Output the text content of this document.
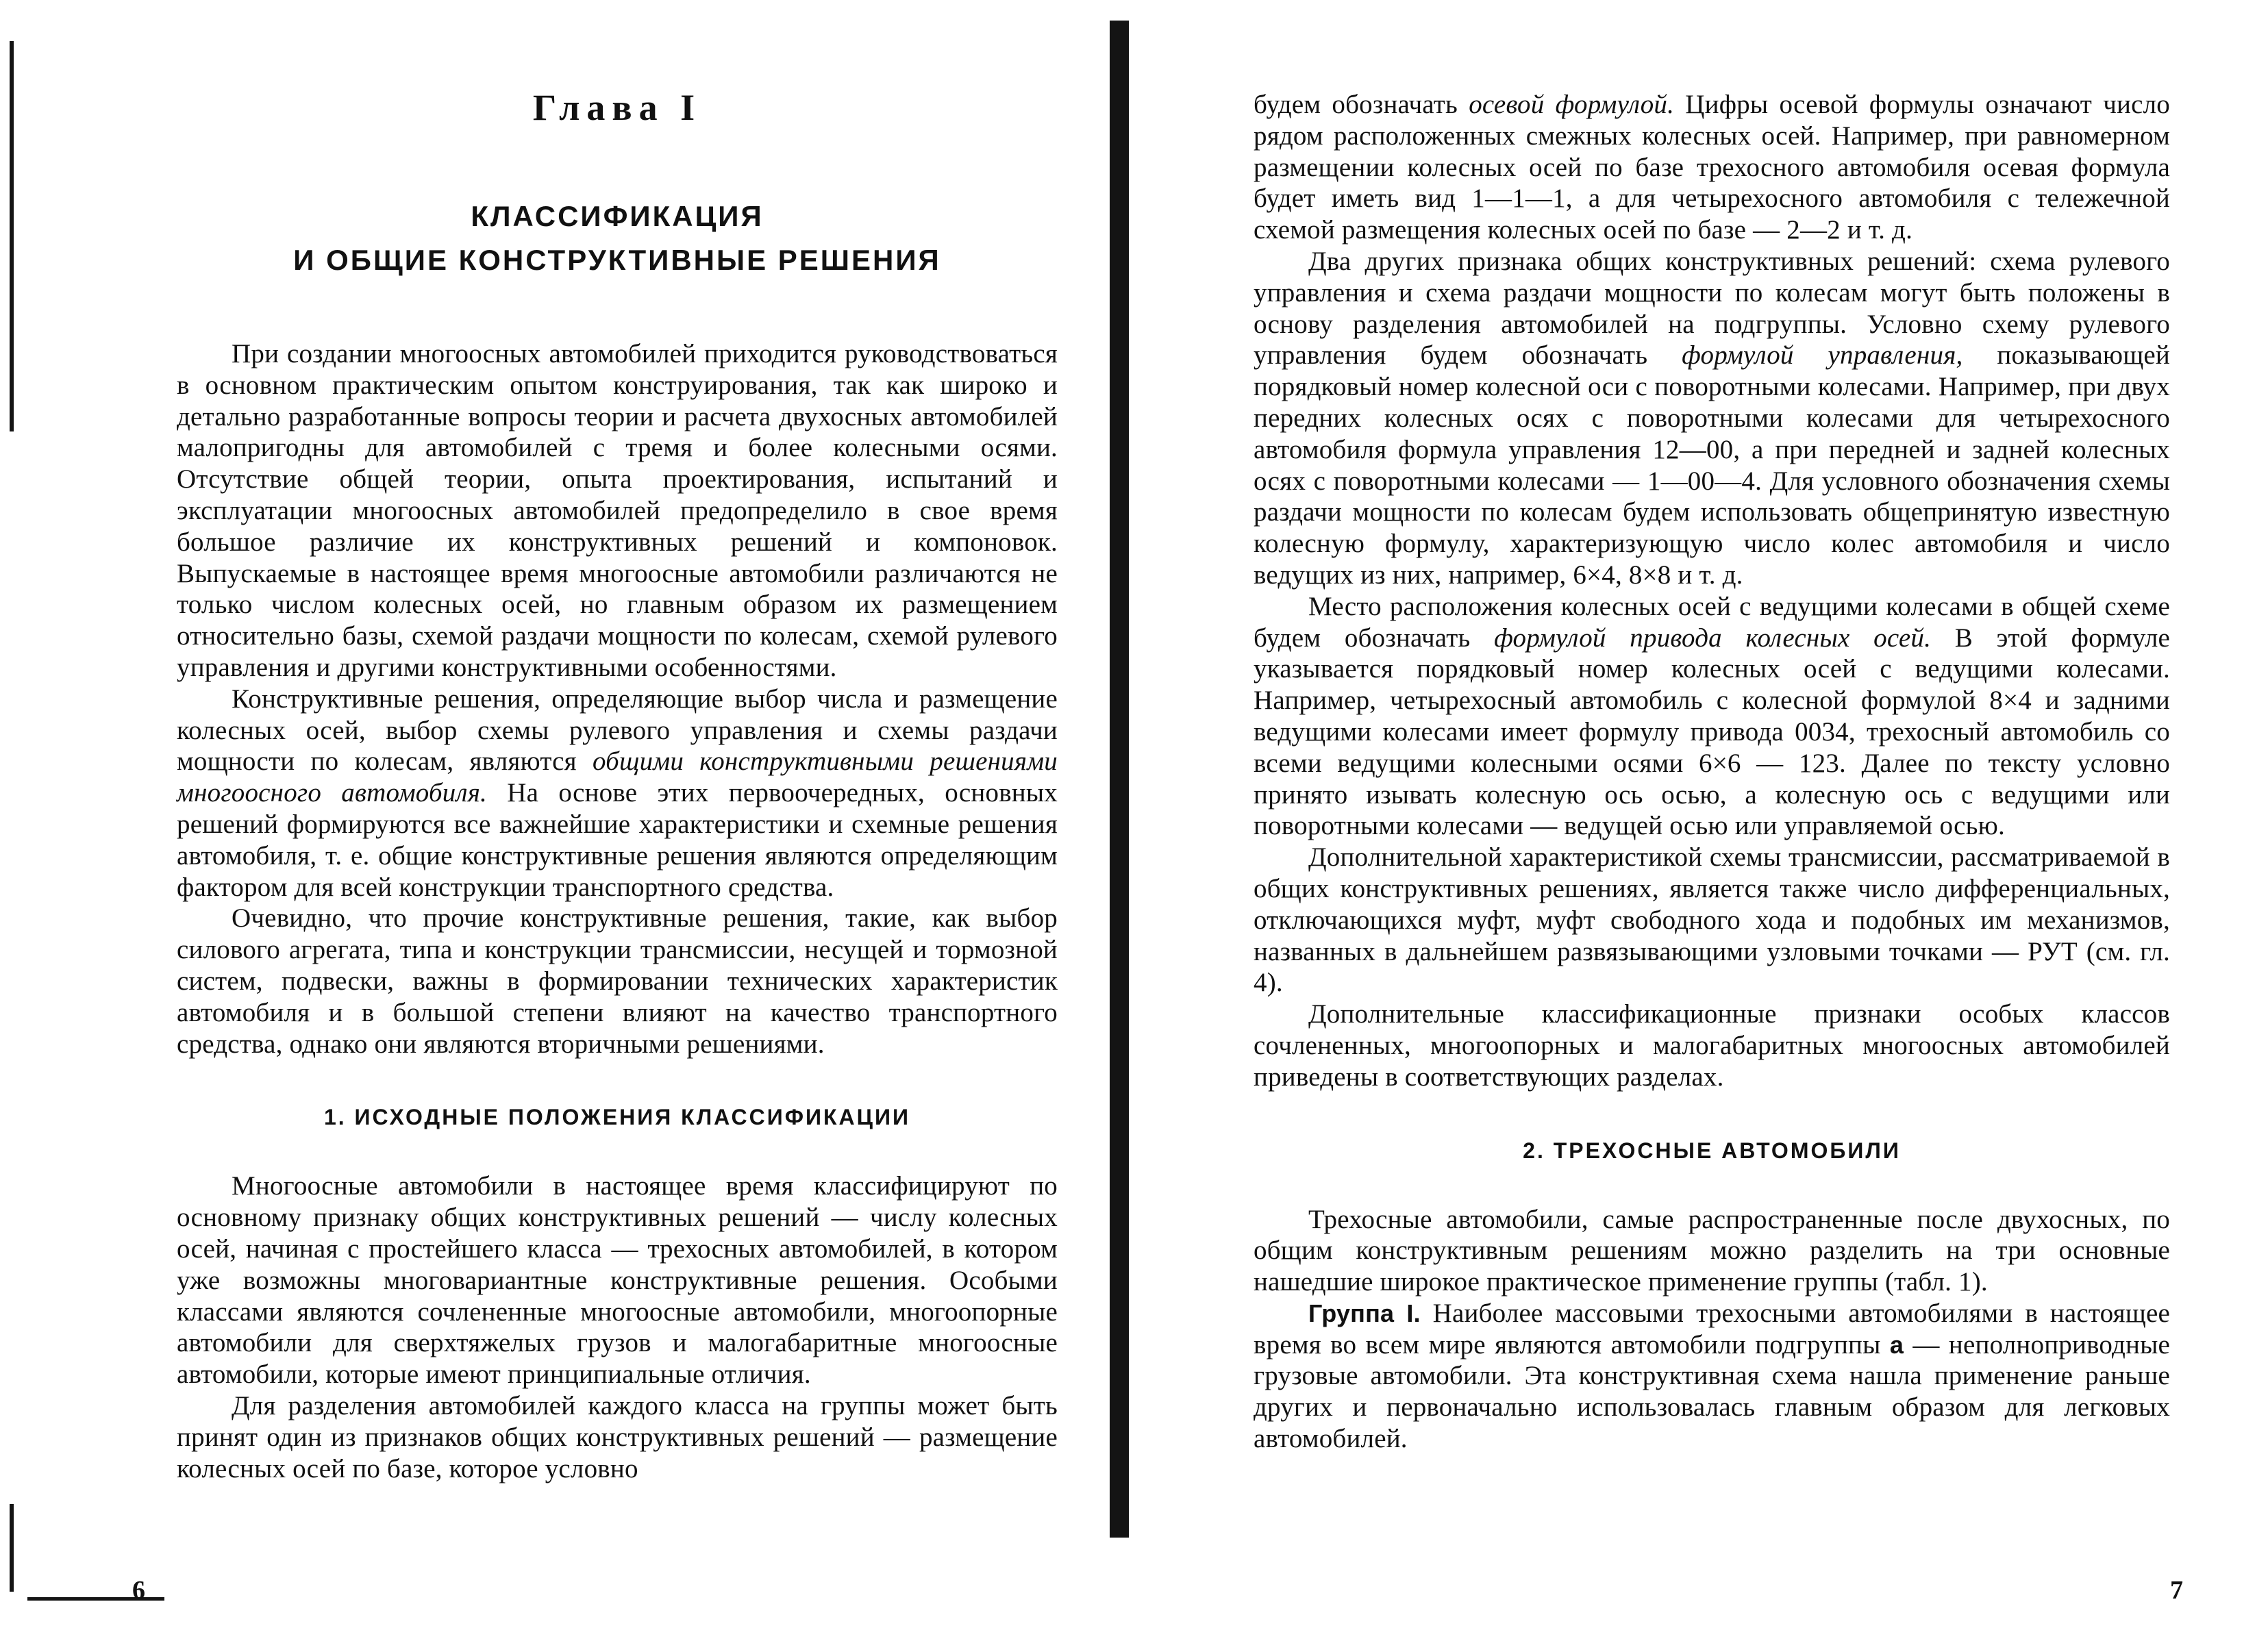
Глава I
КЛАССИФИКАЦИЯ
И ОБЩИЕ КОНСТРУКТИВНЫЕ РЕШЕНИЯ

При создании многоосных автомобилей приходится руководствоваться в основном практическим опытом конструирования, так как широко и детально разработанные вопросы теории и расчета двухосных автомобилей малопригодны для автомобилей с тремя и более колесными осями. Отсутствие общей теории, опыта проектирования, испытаний и эксплуатации многоосных автомобилей предопределило в свое время большое различие их конструктивных решений и компоновок. Выпускаемые в настоящее время многоосные автомобили различаются не только числом колесных осей, но главным образом их размещением относительно базы, схемой раздачи мощности по колесам, схемой рулевого управления и другими конструктивными особенностями.

Конструктивные решения, определяющие выбор числа и размещение колесных осей, выбор схемы рулевого управления и схемы раздачи мощности по колесам, являются общими конструктивными решениями многоосного автомобиля. На основе этих первоочередных, основных решений формируются все важнейшие характеристики и схемные решения автомобиля, т. е. общие конструктивные решения являются определяющим фактором для всей конструкции транспортного средства.

Очевидно, что прочие конструктивные решения, такие, как выбор силового агрегата, типа и конструкции трансмиссии, несущей и тормозной систем, подвески, важны в формировании технических характеристик автомобиля и в большой степени влияют на качество транспортного средства, однако они являются вторичными решениями.

1. ИСХОДНЫЕ ПОЛОЖЕНИЯ КЛАССИФИКАЦИИ

Многоосные автомобили в настоящее время классифицируют по основному признаку общих конструктивных решений — числу колесных осей, начиная с простейшего класса — трехосных автомобилей, в котором уже возможны многовариантные конструктивные решения. Особыми классами являются сочлененные многоосные автомобили, многоопорные автомобили для сверхтяжелых грузов и малогабаритные многоосные автомобили, которые имеют принципиальные отличия.

Для разделения автомобилей каждого класса на группы может быть принят один из признаков общих конструктивных решений — размещение колесных осей по базе, которое условно

6

будем обозначать осевой формулой. Цифры осевой формулы означают число рядом расположенных смежных колесных осей. Например, при равномерном размещении колесных осей по базе трехосного автомобиля осевая формула будет иметь вид 1—1—1, а для четырехосного автомобиля с тележечной схемой размещения колесных осей по базе — 2—2 и т. д.

Два других признака общих конструктивных решений: схема рулевого управления и схема раздачи мощности по колесам могут быть положены в основу разделения автомобилей на подгруппы. Условно схему рулевого управления будем обозначать формулой управления, показывающей порядковый номер колесной оси с поворотными колесами. Например, при двух передних колесных осях с поворотными колесами для четырехосного автомобиля формула управления 12—00, а при передней и задней колесных осях с поворотными колесами — 1—00—4. Для условного обозначения схемы раздачи мощности по колесам будем использовать общепринятую известную колесную формулу, характеризующую число колес автомобиля и число ведущих из них, например, 6×4, 8×8 и т. д.

Место расположения колесных осей с ведущими колесами в общей схеме будем обозначать формулой привода колесных осей. В этой формуле указывается порядковый номер колесных осей с ведущими колесами. Например, четырехосный автомобиль с колесной формулой 8×4 и задними ведущими колесами имеет формулу привода 0034, трехосный автомобиль со всеми ведущими колесными осями 6×6 — 123. Далее по тексту условно принято изывать колесную ось осью, а колесную ось с ведущими или поворотными колесами — ведущей осью или управляемой осью.

Дополнительной характеристикой схемы трансмиссии, рассматриваемой в общих конструктивных решениях, является также число дифференциальных, отключающихся муфт, муфт свободного хода и подобных им механизмов, названных в дальнейшем развязывающими узловыми точками — РУТ (см. гл. 4).

Дополнительные классификационные признаки особых классов сочлененных, многоопорных и малогабаритных многоосных автомобилей приведены в соответствующих разделах.

2. ТРЕХОСНЫЕ АВТОМОБИЛИ

Трехосные автомобили, самые распространенные после двухосных, по общим конструктивным решениям можно разделить на три основные нашедшие широкое практическое применение группы (табл. 1).

Группа I. Наиболее массовыми трехосными автомобилями в настоящее время во всем мире являются автомобили подгруппы а — неполноприводные грузовые автомобили. Эта конструктивная схема нашла применение раньше других и первоначально использовалась главным образом для легковых автомобилей.

7
